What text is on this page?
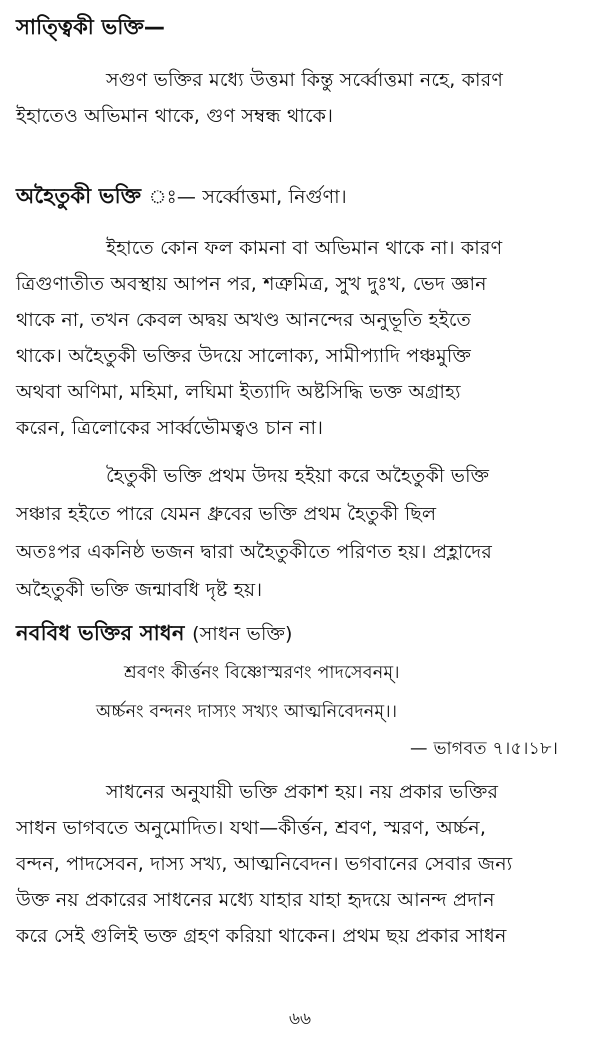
সাত্ত্বিকী ভক্তি—
সগুণ ভক্তির মধ্যে উত্তমা কিন্তু সর্ব্বোত্তমা নহে, কারণ
ইহাতেও অভিমান থাকে, গুণ সম্বন্ধ থাকে।
অহৈতুকী ভক্তি ঃ— সর্ব্বোত্তমা, নির্গুণা।
ইহাতে কোন ফল কামনা বা অভিমান থাকে না। কারণ
ত্রিগুণাতীত অবস্থায় আপন পর, শত্রুমিত্র, সুখ দুঃখ, ভেদ জ্ঞান
থাকে না, তখন কেবল অদ্বয় অখণ্ড আনন্দের অনুভূতি হইতে
থাকে। অহৈতুকী ভক্তির উদয়ে সালোক্য, সামীপ্যাদি পঞ্চমুক্তি
অথবা অণিমা, মহিমা, লঘিমা ইত্যাদি অষ্টসিদ্ধি ভক্ত অগ্রাহ্য
করেন, ত্রিলোকের সার্ব্বভৌমত্বও চান না।
হৈতুকী ভক্তি প্রথম উদয় হইয়া করে অহৈতুকী ভক্তি
সঞ্চার হইতে পারে যেমন ধ্রুবের ভক্তি প্রথম হৈতুকী ছিল
অতঃপর একনিষ্ঠ ভজন দ্বারা অহৈতুকীতে পরিণত হয়। প্রহ্লাদের
অহৈতুকী ভক্তি জন্মাবধি দৃষ্ট হয়।
নববিধ ভক্তির সাধন (সাধন ভক্তি)
শ্রবণং কীর্ত্তনং বিষ্ণোস্মরণং পাদসেবনম্।
অর্চ্চনং বন্দনং দাস্যং সখ্যং আত্মনিবেদনম্।।
— ভাগবত ৭।৫।১৮।
সাধনের অনুযায়ী ভক্তি প্রকাশ হয়। নয় প্রকার ভক্তির
সাধন ভাগবতে অনুমোদিত। যথা—কীর্ত্তন, শ্রবণ, স্মরণ, অর্চ্চন,
বন্দন, পাদসেবন, দাস্য সখ্য, আত্মনিবেদন। ভগবানের সেবার জন্য
উক্ত নয় প্রকারের সাধনের মধ্যে যাহার যাহা হৃদয়ে আনন্দ প্রদান
করে সেই গুলিই ভক্ত গ্রহণ করিয়া থাকেন। প্রথম ছয় প্রকার সাধন
৬৬
